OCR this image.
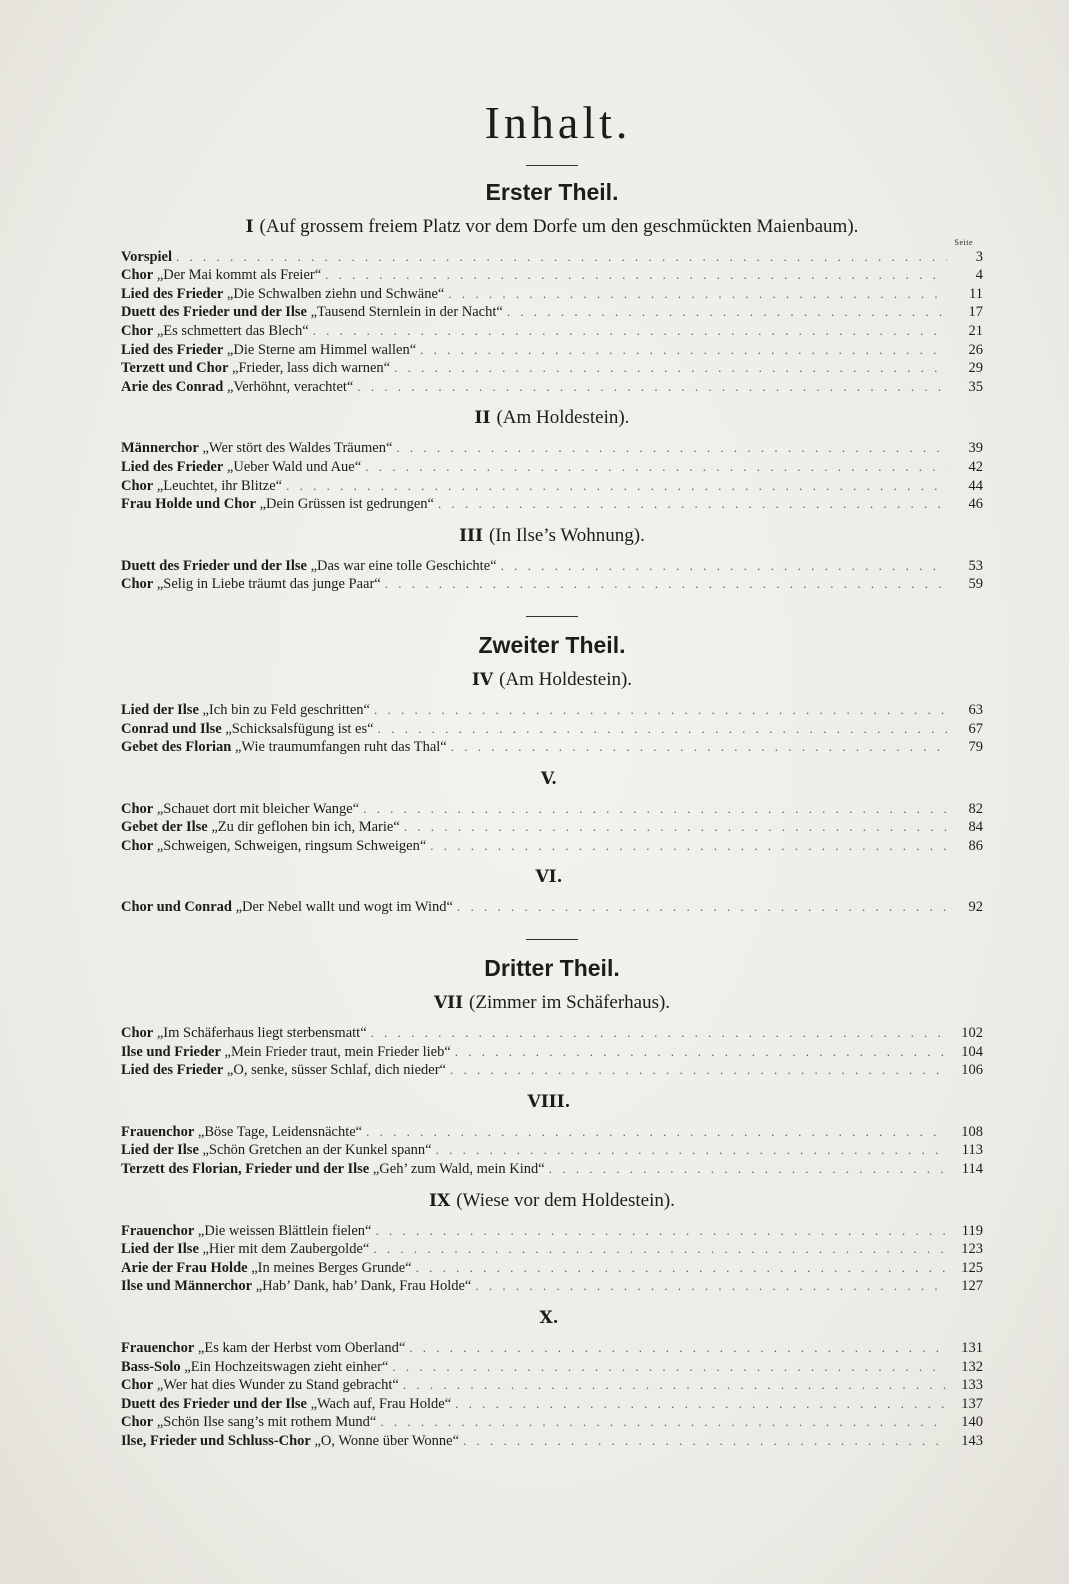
Inhalt.
Erster Theil.
I (Auf grossem freiem Platz vor dem Dorfe um den geschmückten Maienbaum).
Seite
Vorspiel . . .	3
Chor „Der Mai kommt als Freier“ . . .	4
Lied des Frieder „Die Schwalben ziehn und Schwäne“ . . .	11
Duett des Frieder und der Ilse „Tausend Sternlein in der Nacht“ . . .	17
Chor „Es schmettert das Blech“ . . .	21
Lied des Frieder „Die Sterne am Himmel wallen“ . . .	26
Terzett und Chor „Frieder, lass dich warnen“ . . .	29
Arie des Conrad „Verhöhnt, verachtet“ . . .	35
II (Am Holdestein).
Männerchor „Wer stört des Waldes Träumen“ . . .	39
Lied des Frieder „Ueber Wald und Aue“ . . .	42
Chor „Leuchtet, ihr Blitze“ . . .	44
Frau Holde und Chor „Dein Grüssen ist gedrungen“ . . .	46
III (In Ilse’s Wohnung).
Duett des Frieder und der Ilse „Das war eine tolle Geschichte“ . . .	53
Chor „Selig in Liebe träumt das junge Paar“ . . .	59
Zweiter Theil.
IV (Am Holdestein).
Lied der Ilse „Ich bin zu Feld geschritten“ . . .	63
Conrad und Ilse „Schicksalsfügung ist es“ . . .	67
Gebet des Florian „Wie traumumfangen ruht das Thal“ . . .	79
V.
Chor „Schauet dort mit bleicher Wange“ . . .	82
Gebet der Ilse „Zu dir geflohen bin ich, Marie“ . . .	84
Chor „Schweigen, Schweigen, ringsum Schweigen“ . . .	86
VI.
Chor und Conrad „Der Nebel wallt und wogt im Wind“ . . .	92
Dritter Theil.
VII (Zimmer im Schäferhaus).
Chor „Im Schäferhaus liegt sterbensmatt“ . . .	102
Ilse und Frieder „Mein Frieder traut, mein Frieder lieb“ . . .	104
Lied des Frieder „O, senke, süsser Schlaf, dich nieder“ . . .	106
VIII.
Frauenchor „Böse Tage, Leidensnächte“ . . .	108
Lied der Ilse „Schön Gretchen an der Kunkel spann“ . . .	113
Terzett des Florian, Frieder und der Ilse „Geh’ zum Wald, mein Kind“ . . .	114
IX (Wiese vor dem Holdestein).
Frauenchor „Die weissen Blättlein fielen“ . . .	119
Lied der Ilse „Hier mit dem Zaubergolde“ . . .	123
Arie der Frau Holde „In meines Berges Grunde“ . . .	125
Ilse und Männerchor „Hab’ Dank, hab’ Dank, Frau Holde“ . . .	127
X.
Frauenchor „Es kam der Herbst vom Oberland“ . . .	131
Bass-Solo „Ein Hochzeitswagen zieht einher“ . . .	132
Chor „Wer hat dies Wunder zu Stand gebracht“ . . .	133
Duett des Frieder und der Ilse „Wach auf, Frau Holde“ . . .	137
Chor „Schön Ilse sang’s mit rothem Mund“ . . .	140
Ilse, Frieder und Schluss-Chor „O, Wonne über Wonne“ . . .	143
